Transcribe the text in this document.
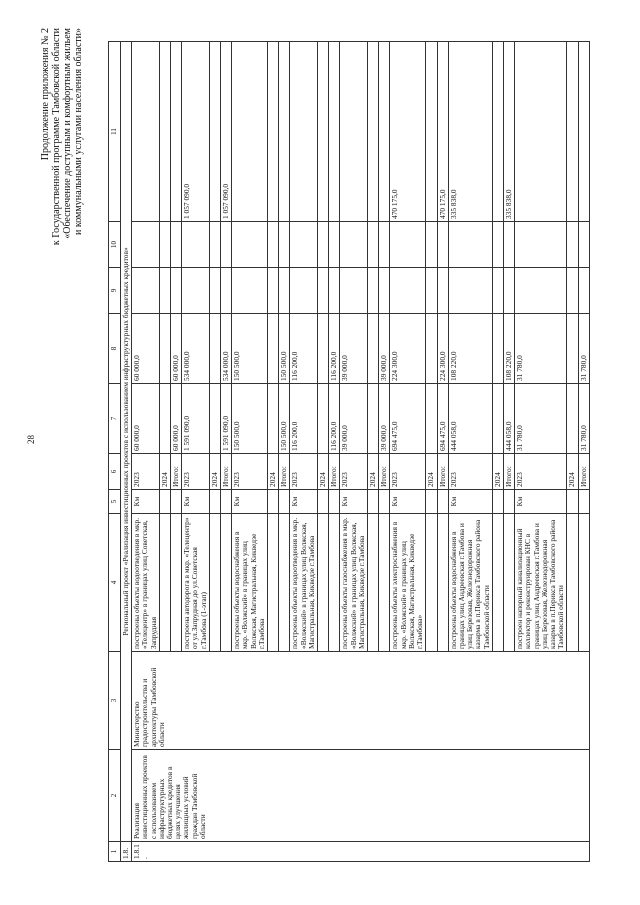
28
Продолжение приложения № 2 к Государственной программе Тамбовской области «Обеспечение доступным и комфортным жильем и коммунальными услугами населения области»
1	2	3	4	5	6	7	8	9	10	11
1.8.	Региональный проект «Реализация инвестиционных проектов с использованием инфраструктурных бюджетных кредитов»									
1.8.1.	Реализация инвестиционных проектов с использованием инфраструктурных бюджетных кредитов в целях улучшения жилищных условий граждан Тамбовской области	Министерство градостроительства и архитектуры Тамбовской области	построены объекты водоотведения в мкр. «Телецентр» в границах улиц Советская, Запрудная	Км	2023	60 000,0	60 000,0			
					2024					
					Итого:	60 000,0	60 000,0			
			построена автодорога в мкр. «Телецентр» от ул.Запрудная до ул.Советская г.Тамбова (1-этап)	Км	2023	1 591 090,0	534 000,0			1 057 090,0
					2024					
					Итого:	1 591 090,0	534 000,0			1 057 090,0
			построены объекты водоснабжения в мкр. «Волжский» в границах улиц Волжская, Магистральная, Кикведзе г.Тамбова	Км	2023	150 500,0	150 500,0			
					2024					
					Итого:	150 500,0	150 500,0			
			построены объекты водоотведения в мкр. «Волжский» в границах улиц Волжская, Магистральная, Кикведзе г.Тамбова	Км	2023	116 200,0	116 200,0			
					2024					
					Итого:	116 200,0	116 200,0			
			построены объекты газоснабжения в мкр. «Волжский» в границах улиц Волжская, Магистральная, Кикведзе г.Тамбова	Км	2023	39 000,0	39 000,0			
					2024					
					Итого:	39 000,0	39 000,0			
			построены объекты электроснабжения в мкр. «Волжский» в границах улиц Волжская, Магистральная, Кикведзе г.Тамбова»	Км	2023	694 475,0	224 300,0			470 175,0
					2024					
					Итого:	694 475,0	224 300,0			470 175,0
			построены объекты водоснабжения в границах улиц Андреевская г.Тамбова и улиц Березовая, Железнодорожная казарма в п.Перикса Тамбовского района Тамбовской области	Км	2023	444 058,0	108 220,0			335 838,0
					2024					
					Итого:	444 058,0	108 220,0			335 838,0
			построен напорный канализационный коллектор и реконструирован КНС в границах улиц Андреевская г.Тамбова и улиц Березовая, Железнодорожная казарма в п.Перикса Тамбовского района Тамбовской области	Км	2023	31 780,0	31 780,0			
					2024					
					Итого:	31 780,0	31 780,0			
